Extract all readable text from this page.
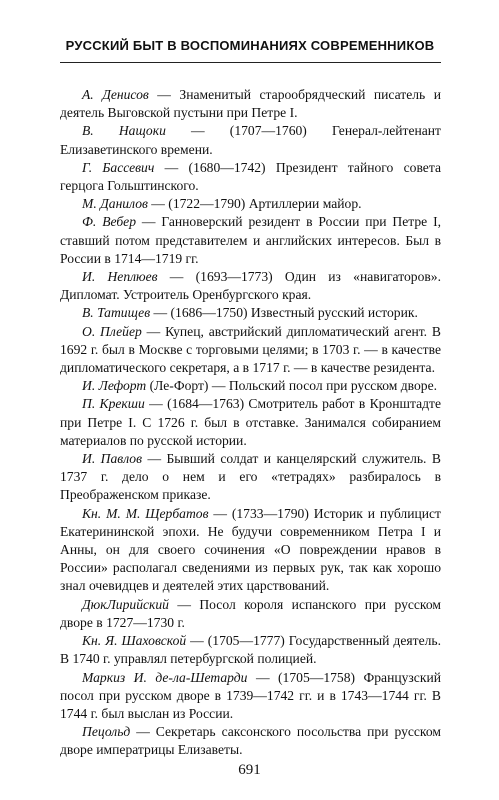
РУССКИЙ БЫТ В ВОСПОМИНАНИЯХ СОВРЕМЕННИКОВ

А. Денисов — Знаменитый старообрядческий писатель и деятель Выговской пустыни при Петре I.

В. Нащоки — (1707—1760) Генерал-лейтенант Елизаветинского времени.

Г. Бассевич — (1680—1742) Президент тайного совета герцога Гольштинского.

М. Данилов — (1722—1790) Артиллерии майор.

Ф. Вебер — Ганноверский резидент в России при Петре I, ставший потом представителем и английских интересов. Был в России в 1714—1719 гг.

И. Неплюев — (1693—1773) Один из «навигаторов». Дипломат. Устроитель Оренбургского края.

В. Татищев — (1686—1750) Известный русский историк.

О. Плейер — Купец, австрийский дипломатический агент. В 1692 г. был в Москве с торговыми целями; в 1703 г. — в качестве дипломатического секретаря, а в 1717 г. — в качестве резидента.

И. Лефорт (Ле-Форт) — Польский посол при русском дворе.

П. Крекши — (1684—1763) Смотритель работ в Кронштадте при Петре I. С 1726 г. был в отставке. Занимался собиранием материалов по русской истории.

И. Павлов — Бывший солдат и канцелярский служитель. В 1737 г. дело о нем и его «тетрадях» разбиралось в Преображенском приказе.

Кн. М. М. Щербатов — (1733—1790) Историк и публицист Екатерининской эпохи. Не будучи современником Петра I и Анны, он для своего сочинения «О повреждении нравов в России» располагал сведениями из первых рук, так как хорошо знал очевидцев и деятелей этих царствований.

ДюкЛирийский — Посол короля испанского при русском дворе в 1727—1730 г.

Кн. Я. Шаховской — (1705—1777) Государственный деятель. В 1740 г. управлял петербургской полицией.

Маркиз И. де-ла-Шетарди — (1705—1758) Французский посол при русском дворе в 1739—1742 гг. и в 1743—1744 гг. В 1744 г. был выслан из России.

Пецольд — Секретарь саксонского посольства при русском дворе императрицы Елизаветы.

691
